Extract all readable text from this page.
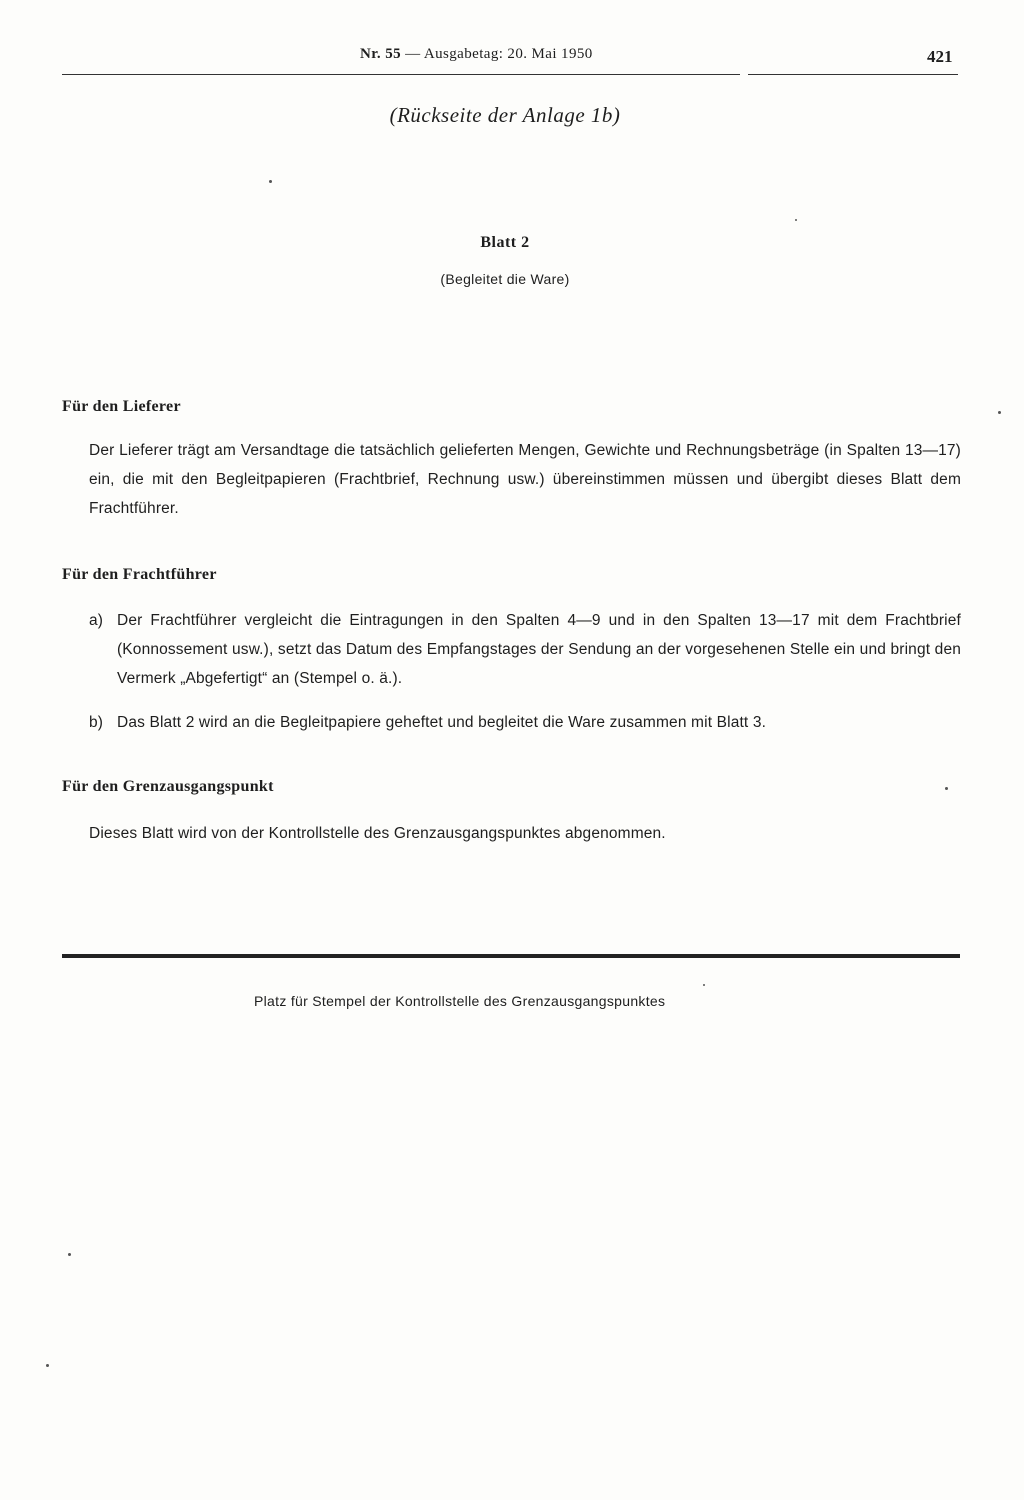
Nr. 55 — Ausgabetag: 20. Mai 1950	421
(Rückseite der Anlage 1b)
Blatt 2
(Begleitet die Ware)
Für den Lieferer

Der Lieferer trägt am Versandtage die tatsächlich gelieferten Mengen, Gewichte und Rechnungsbeträge (in Spalten 13—17) ein, die mit den Begleitpapieren (Frachtbrief, Rechnung usw.) übereinstimmen müssen und übergibt dieses Blatt dem Frachtführer.

Für den Frachtführer
a) Der Frachtführer vergleicht die Eintragungen in den Spalten 4—9 und in den Spalten 13—17 mit dem Frachtbrief (Konnossement usw.), setzt das Datum des Empfangstages der Sendung an der vorgesehenen Stelle ein und bringt den Vermerk „Abgefertigt“ an (Stempel o. ä.).
b) Das Blatt 2 wird an die Begleitpapiere geheftet und begleitet die Ware zusammen mit Blatt 3.
Für den Grenzausgangspunkt

Dieses Blatt wird von der Kontrollstelle des Grenzausgangspunktes abgenommen.

Platz für Stempel der Kontrollstelle des Grenzausgangspunktes
